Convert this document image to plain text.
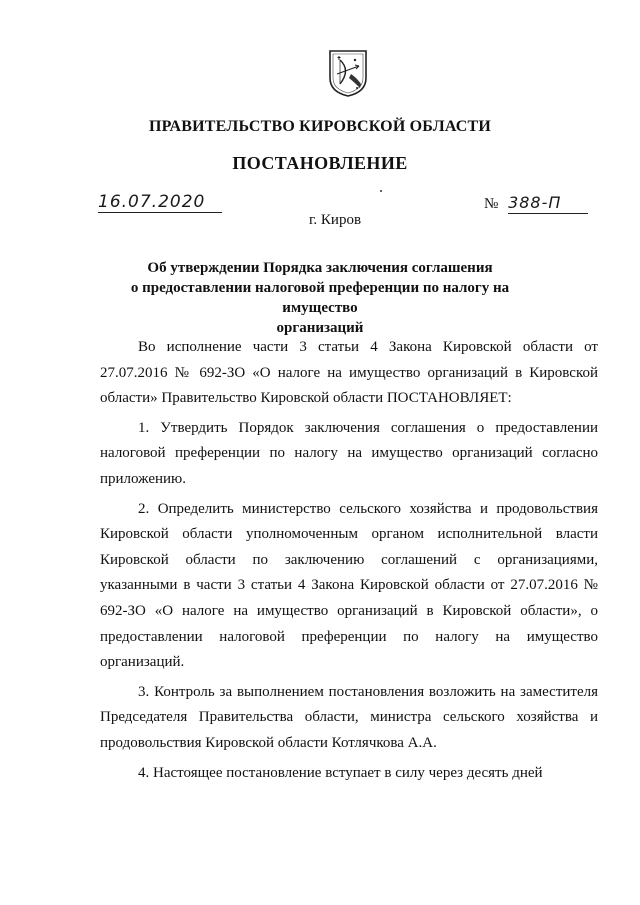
ПРАВИТЕЛЬСТВО КИРОВСКОЙ ОБЛАСТИ
ПОСТАНОВЛЕНИЕ
16.07.2020	№ 388-П
г. Киров
Об утверждении Порядка заключения соглашения
о предоставлении налоговой преференции по налогу на имущество
организаций

Во исполнение части 3 статьи 4 Закона Кировской области от 27.07.2016 № 692-ЗО «О налоге на имущество организаций в Кировской области» Правительство Кировской области ПОСТАНОВЛЯЕТ:

1. Утвердить Порядок заключения соглашения о предоставлении налоговой преференции по налогу на имущество организаций согласно приложению.

2. Определить министерство сельского хозяйства и продовольствия Кировской области уполномоченным органом исполнительной власти Кировской области по заключению соглашений с организациями, указанными в части 3 статьи 4 Закона Кировской области от 27.07.2016 № 692-ЗО «О налоге на имущество организаций в Кировской области», о предоставлении налоговой преференции по налогу на имущество организаций.

3. Контроль за выполнением постановления возложить на заместителя Председателя Правительства области, министра сельского хозяйства и продовольствия Кировской области Котлячкова А.А.

4. Настоящее постановление вступает в силу через десять дней
